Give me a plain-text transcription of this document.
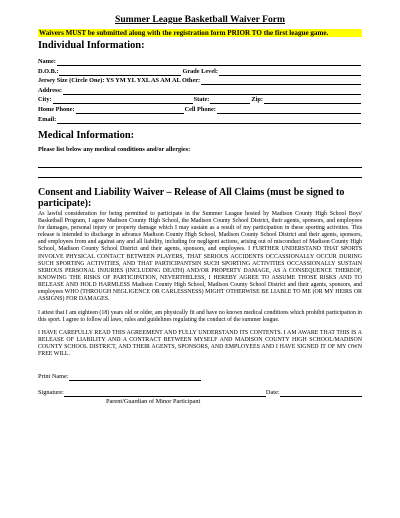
Summer League Basketball Waiver Form
Waivers MUST be submitted along with the registration form PRIOR TO the first league game.
Individual Information:
Name:
D.O.B.:	Grade Level:
Jersey Size (Circle One): YS YM YL YXL AS AM AL Other:
Address:
City:	State:	Zip:
Home Phone:	Cell Phone:
Email:
Medical Information:
Please list below any medical conditions and/or allergies:
Consent and Liability Waiver – Release of All Claims (must be signed to participate):

As lawful consideration for being permitted to participate in the Summer League hosted by Madison County High School Boys' Basketball Program, I agree Madison County High School, the Madison County School District, their agents, sponsors, and employees for damages, personal injury or property damage which I may sustain as a result of my participation in these sporting activities. This release is intended to discharge in advance Madison County High School, Madison County School District and their agents, sponsors, and employees from and against any and all liability, including for negligent actions, arising out of misconduct of Madison County High School, Madison County School District and their agents, sponsors, and employees. I FURTHER UNDERSTAND THAT SPORTS INVOLVE PHYSICAL CONTACT BETWEEN PLAYERS, THAT SERIOUS ACCIDENTS OCCASSIONALLY OCCUR DURING SUCH SPORTING ACTIVITIES, AND THAT PARTICIPANTSIN SUCH SPORTING ACTIVITIES OCCASSIONALLY SUSTAIN SERIOUS PERSONAL INJURIES (INCLUDING DEATH) AND/OR PROPERTY DAMAGE, AS A CONSEQUENCE THEREOF, KNOWING THE RISKS OF PARTICIPATION, NEVERTHELESS, I HEREBY AGREE TO ASSUME THOSE RISKS AND TO RELEASE AND HOLD HARMLESS Madison County High School, Madison County School District and their agents, sponsors, and employees WHO (THROUGH NEGLIGENCE OR CARLESSNESS) MIGHT OTHERWISE BE LIABLE TO ME (OR MY HEIRS OR ASSIGNS) FOR DAMAGES.

I attest that I am eighteen (18) years old or older, am physically fit and have no known medical conditions which prohibit participation in this sport. I agree to follow all laws, rules and guidelines regulating the conduct of the summer league.

I HAVE CAREFULLY READ THIS AGREEMENT AND FULLY UNDERSTAND ITS CONTENTS. I AM AWARE THAT THIS IS A RELEASE OF LIABILITY AND A CONTRACT BETWEEN MYSELF AND MADISON COUNTY HIGH SCHOOL/MADISON COUNTY SCHOOL DISTRICT, AND THEIR AGENTS, SPONSORS, AND EMPLOYEES AND I HAVE SIGNED IT OF MY OWN FREE WILL.

Print Name:
Signature:	Date:
Parent/Guardian of Minor Participant
